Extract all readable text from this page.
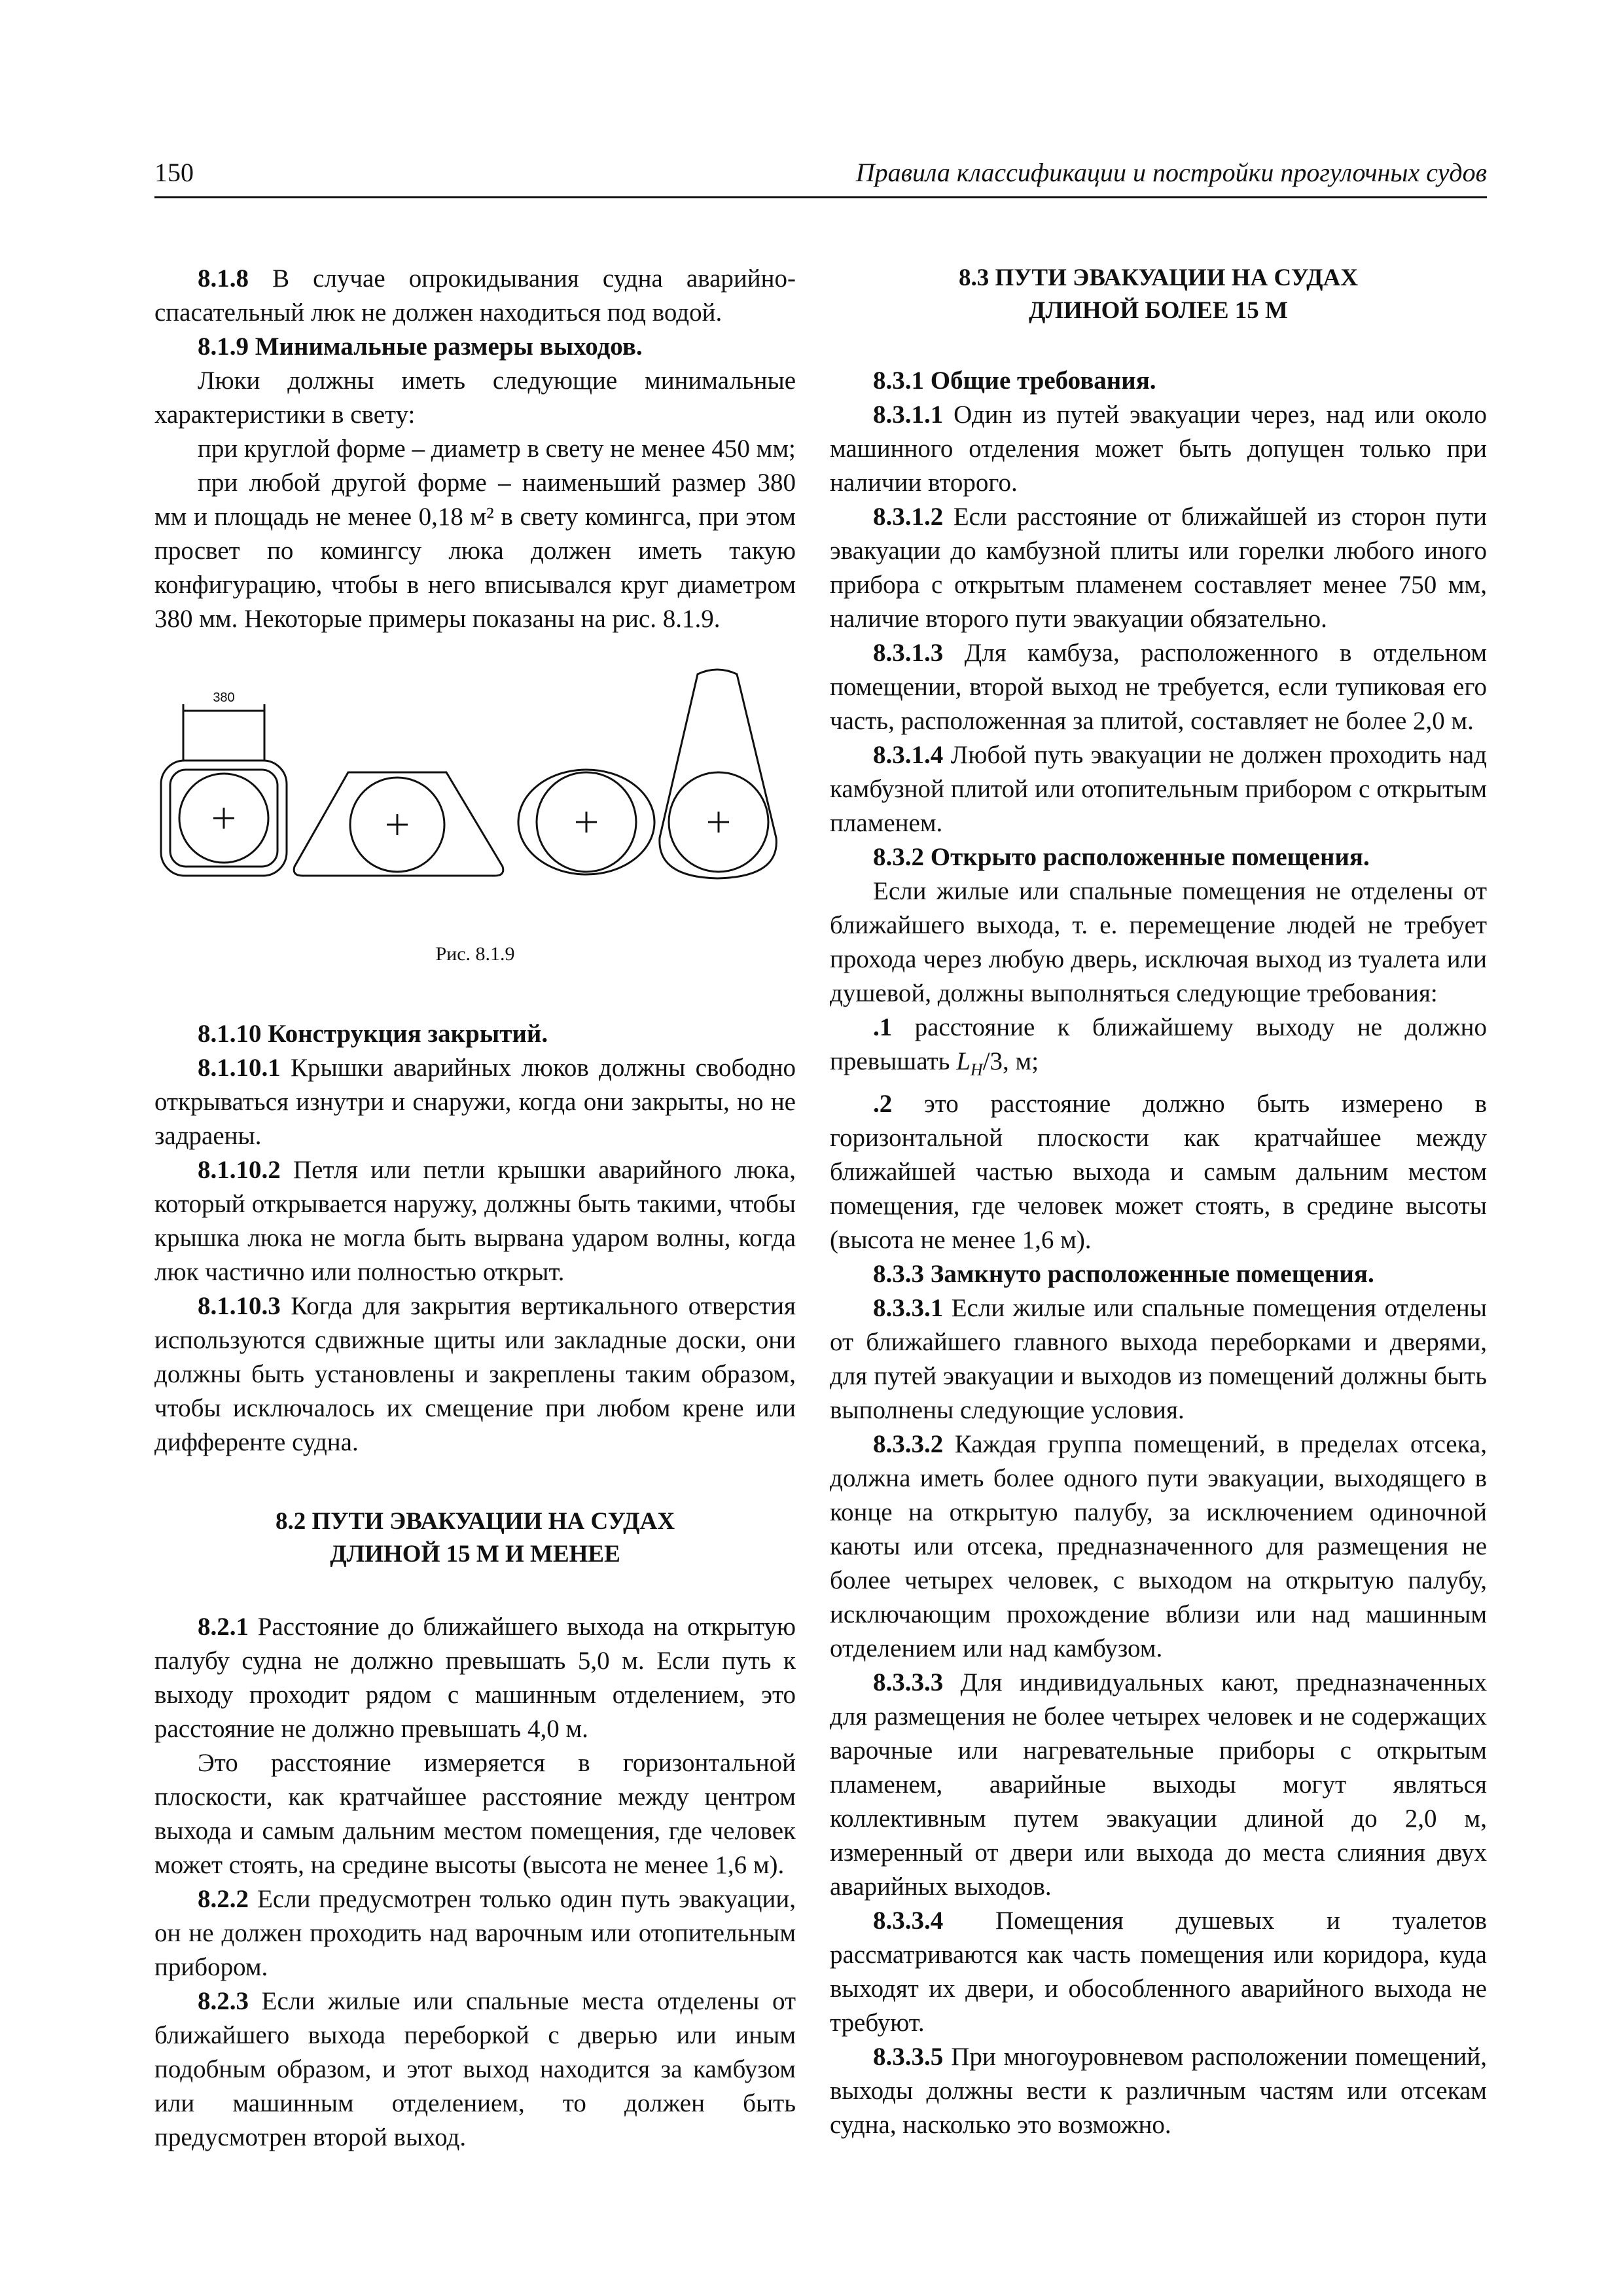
150	Правила классификации и постройки прогулочных судов

8.1.8 В случае опрокидывания судна аварийно-спасательный люк не должен находиться под водой.

8.1.9 Минимальные размеры выходов.

Люки должны иметь следующие минимальные характеристики в свету:

при круглой форме – диаметр в свету не менее 450 мм;

при любой другой форме – наименьший размер 380 мм и площадь не менее 0,18 м² в свету комингса, при этом просвет по комингсу люка должен иметь такую конфигурацию, чтобы в него вписывался круг диаметром 380 мм. Некоторые примеры показаны на рис. 8.1.9.

380

Рис. 8.1.9

8.1.10 Конструкция закрытий.

8.1.10.1 Крышки аварийных люков должны свободно открываться изнутри и снаружи, когда они закрыты, но не задраены.

8.1.10.2 Петля или петли крышки аварийного люка, который открывается наружу, должны быть такими, чтобы крышка люка не могла быть вырвана ударом волны, когда люк частично или полностью открыт.

8.1.10.3 Когда для закрытия вертикального отверстия используются сдвижные щиты или закладные доски, они должны быть установлены и закреплены таким образом, чтобы исключалось их смещение при любом крене или дифференте судна.

8.2 ПУТИ ЭВАКУАЦИИ НА СУДАХ

ДЛИНОЙ 15 М И МЕНЕЕ

8.2.1 Расстояние до ближайшего выхода на открытую палубу судна не должно превышать 5,0 м. Если путь к выходу проходит рядом с машинным отделением, это расстояние не должно превышать 4,0 м.

Это расстояние измеряется в горизонтальной плоскости, как кратчайшее расстояние между центром выхода и самым дальним местом помещения, где человек может стоять, на средине высоты (высота не менее 1,6 м).

8.2.2 Если предусмотрен только один путь эвакуации, он не должен проходить над варочным или отопительным прибором.

8.2.3 Если жилые или спальные места отделены от ближайшего выхода переборкой с дверью или иным подобным образом, и этот выход находится за камбузом или машинным отделением, то должен быть предусмотрен второй выход.

8.3 ПУТИ ЭВАКУАЦИИ НА СУДАХ

ДЛИНОЙ БОЛЕЕ 15 М

8.3.1 Общие требования.

8.3.1.1 Один из путей эвакуации через, над или около машинного отделения может быть допущен только при наличии второго.

8.3.1.2 Если расстояние от ближайшей из сторон пути эвакуации до камбузной плиты или горелки любого иного прибора с открытым пламенем составляет менее 750 мм, наличие второго пути эвакуации обязательно.

8.3.1.3 Для камбуза, расположенного в отдельном помещении, второй выход не требуется, если тупиковая его часть, расположенная за плитой, составляет не более 2,0 м.

8.3.1.4 Любой путь эвакуации не должен проходить над камбузной плитой или отопительным прибором с открытым пламенем.

8.3.2 Открыто расположенные помещения.

Если жилые или спальные помещения не отделены от ближайшего выхода, т. е. перемещение людей не требует прохода через любую дверь, исключая выход из туалета или душевой, должны выполняться следующие требования:

.1 расстояние к ближайшему выходу не должно превышать $L_H/3$, м;

.2 это расстояние должно быть измерено в горизонтальной плоскости как кратчайшее между ближайшей частью выхода и самым дальним местом помещения, где человек может стоять, в средине высоты (высота не менее 1,6 м).

8.3.3 Замкнуто расположенные помещения.

8.3.3.1 Если жилые или спальные помещения отделены от ближайшего главного выхода переборками и дверями, для путей эвакуации и выходов из помещений должны быть выполнены следующие условия.

8.3.3.2 Каждая группа помещений, в пределах отсека, должна иметь более одного пути эвакуации, выходящего в конце на открытую палубу, за исключением одиночной каюты или отсека, предназначенного для размещения не более четырех человек, с выходом на открытую палубу, исключающим прохождение вблизи или над машинным отделением или над камбузом.

8.3.3.3 Для индивидуальных кают, предназначенных для размещения не более четырех человек и не содержащих варочные или нагревательные приборы с открытым пламенем, аварийные выходы могут являться коллективным путем эвакуации длиной до 2,0 м, измеренный от двери или выхода до места слияния двух аварийных выходов.

8.3.3.4 Помещения душевых и туалетов рассматриваются как часть помещения или коридора, куда выходят их двери, и обособленного аварийного выхода не требуют.

8.3.3.5 При многоуровневом расположении помещений, выходы должны вести к различным частям или отсекам судна, насколько это возможно.
